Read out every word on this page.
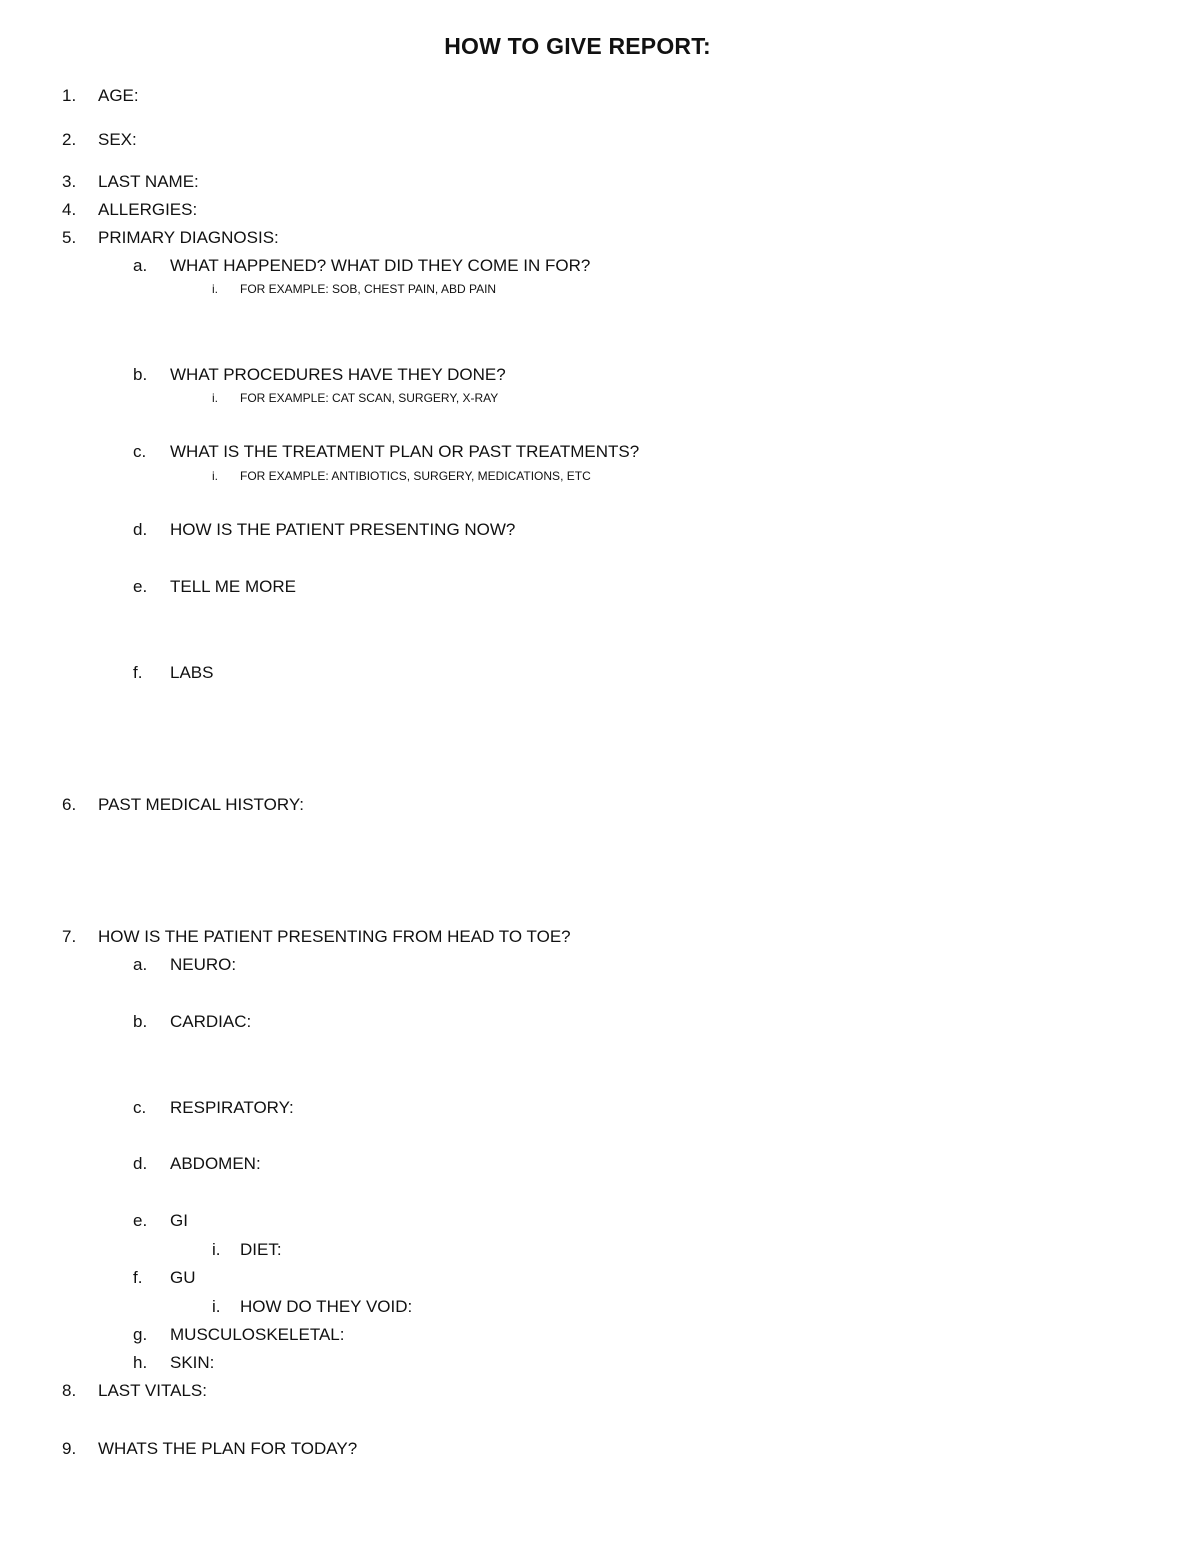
HOW TO GIVE REPORT:
1.	AGE:
2.	SEX:
3.	LAST NAME:
4.	ALLERGIES:
5.	PRIMARY DIAGNOSIS:
a.	WHAT HAPPENED? WHAT DID THEY COME IN FOR?
i.	FOR EXAMPLE: SOB, CHEST PAIN, ABD PAIN
b.	WHAT PROCEDURES HAVE THEY DONE?
i.	FOR EXAMPLE: CAT SCAN, SURGERY, X-RAY
c.	WHAT IS THE TREATMENT PLAN OR PAST TREATMENTS?
i.	FOR EXAMPLE: ANTIBIOTICS, SURGERY, MEDICATIONS, ETC
d.	HOW IS THE PATIENT PRESENTING NOW?
e.	TELL ME MORE
f.	LABS
6.	PAST MEDICAL HISTORY:
7.	HOW IS THE PATIENT PRESENTING FROM HEAD TO TOE?
a.	NEURO:
b.	CARDIAC:
c.	RESPIRATORY:
d.	ABDOMEN:
e.	GI
i.	DIET:
f.	GU
i.	HOW DO THEY VOID:
g.	MUSCULOSKELETAL:
h.	SKIN:
8.	LAST VITALS:
9.	WHATS THE PLAN FOR TODAY?
